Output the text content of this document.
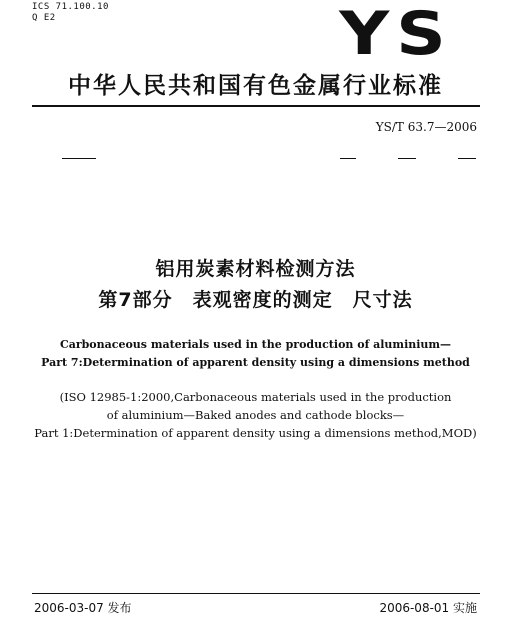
ICS 71.100.10
Q E2	YS
中华人民共和国有色金属行业标准
YS/T 63.7—2006
铝用炭素材料检测方法
第7部分　表观密度的测定　尺寸法
Carbonaceous materials used in the production of aluminium—
Part 7:Determination of apparent density using a dimensions method
(ISO 12985-1:2000,Carbonaceous materials used in the production
of aluminium—Baked anodes and cathode blocks—
Part 1:Determination of apparent density using a dimensions method,MOD)
2006-03-07 发布	2006-08-01 实施
